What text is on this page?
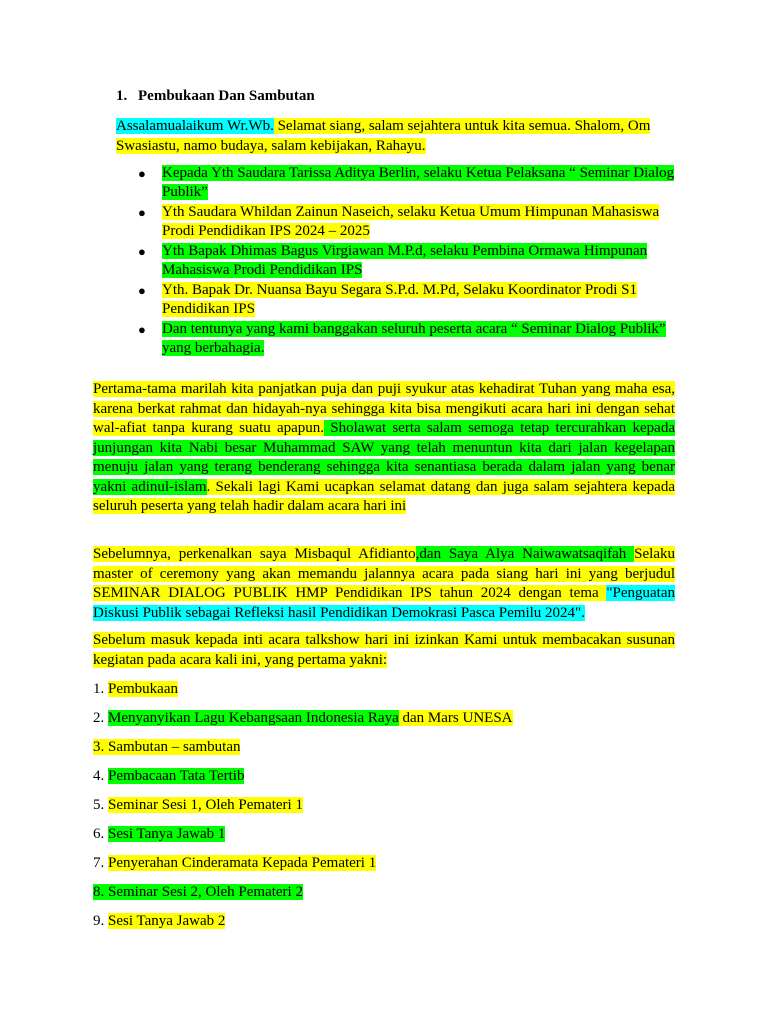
1. Pembukaan Dan Sambutan
Assalamualaikum Wr.Wb. Selamat siang, salam sejahtera untuk kita semua. Shalom, Om Swasiastu, namo budaya, salam kebijakan, Rahayu.
● Kepada Yth Saudara Tarissa Aditya Berlin, selaku Ketua Pelaksana “ Seminar Dialog Publik”
● Yth Saudara Whildan Zainun Naseich, selaku Ketua Umum Himpunan Mahasiswa Prodi Pendidikan IPS 2024 – 2025
● Yth Bapak Dhimas Bagus Virgiawan M.P.d, selaku Pembina Ormawa Himpunan Mahasiswa Prodi Pendidikan IPS
● Yth. Bapak Dr. Nuansa Bayu Segara S.P.d. M.Pd, Selaku Koordinator Prodi S1 Pendidikan IPS
● Dan tentunya yang kami banggakan seluruh peserta acara “ Seminar Dialog Publik” yang berbahagia.
Pertama-tama marilah kita panjatkan puja dan puji syukur atas kehadirat Tuhan yang maha esa, karena berkat rahmat dan hidayah-nya sehingga kita bisa mengikuti acara hari ini dengan sehat wal-afiat tanpa kurang suatu apapun. Sholawat serta salam semoga tetap tercurahkan kepada junjungan kita Nabi besar Muhammad SAW yang telah menuntun kita dari jalan kegelapan menuju jalan yang terang benderang sehingga kita senantiasa berada dalam jalan yang benar yakni adinul-islam. Sekali lagi Kami ucapkan selamat datang dan juga salam sejahtera kepada seluruh peserta yang telah hadir dalam acara hari ini
Sebelumnya, perkenalkan saya Misbaqul Afidianto,dan Saya Alya Naiwawatsaqifah Selaku master of ceremony yang akan memandu jalannya acara pada siang hari ini yang berjudul SEMINAR DIALOG PUBLIK HMP Pendidikan IPS tahun 2024 dengan tema "Penguatan Diskusi Publik sebagai Refleksi hasil Pendidikan Demokrasi Pasca Pemilu 2024".
Sebelum masuk kepada inti acara talkshow hari ini izinkan Kami untuk membacakan susunan kegiatan pada acara kali ini, yang pertama yakni:
1. Pembukaan
2. Menyanyikan Lagu Kebangsaan Indonesia Raya dan Mars UNESA
3. Sambutan – sambutan
4. Pembacaan Tata Tertib
5. Seminar Sesi 1, Oleh Pemateri 1
6. Sesi Tanya Jawab 1
7. Penyerahan Cinderamata Kepada Pemateri 1
8. Seminar Sesi 2, Oleh Pemateri 2
9. Sesi Tanya Jawab 2
